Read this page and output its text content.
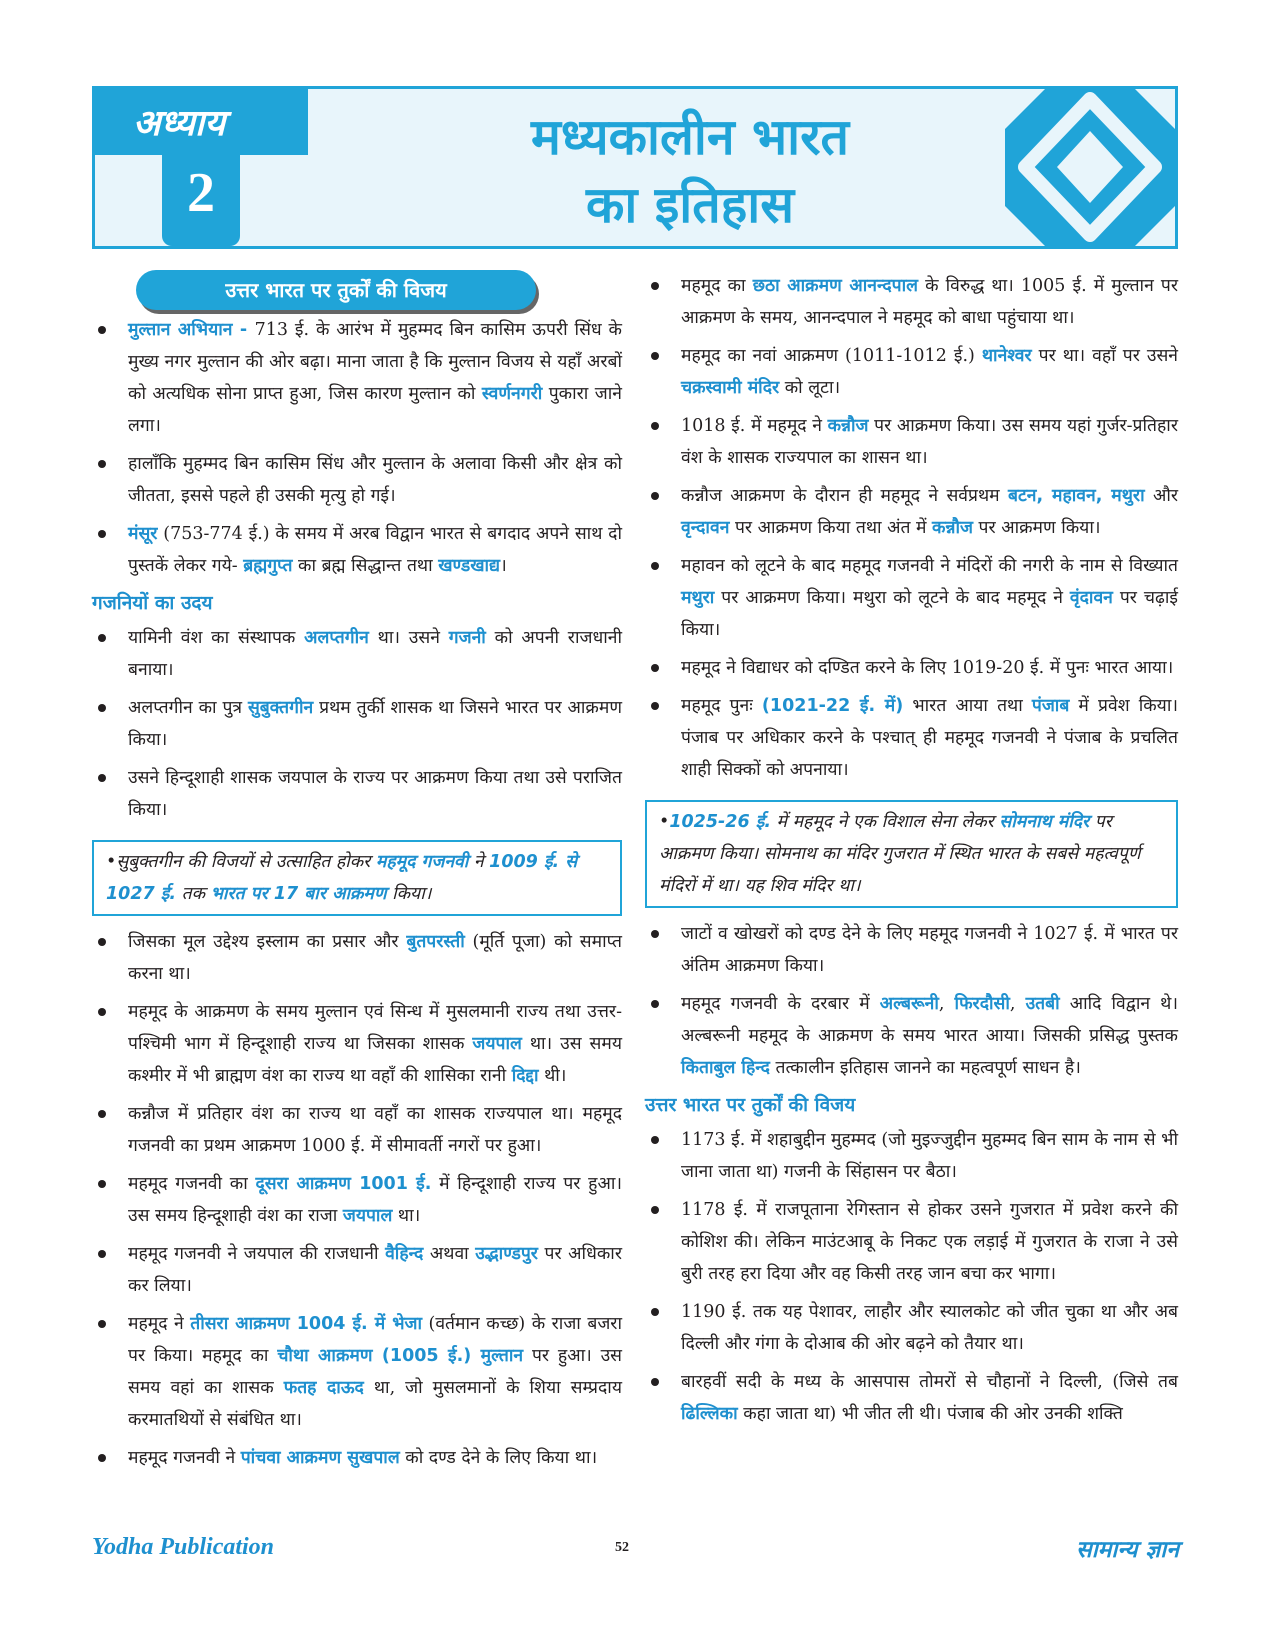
अध्याय
2
मध्यकालीन भारत
का इतिहास
उत्तर भारत पर तुर्कों की विजय
मुल्तान अभियान - 713 ई. के आरंभ में मुहम्मद बिन कासिम ऊपरी सिंध के मुख्य नगर मुल्तान की ओर बढ़ा। माना जाता है कि मुल्तान विजय से यहाँ अरबों को अत्यधिक सोना प्राप्त हुआ, जिस कारण मुल्तान को स्वर्णनगरी पुकारा जाने लगा।
हालाँकि मुहम्मद बिन कासिम सिंध और मुल्तान के अलावा किसी और क्षेत्र को जीतता, इससे पहले ही उसकी मृत्यु हो गई।
मंसूर (753-774 ई.) के समय में अरब विद्वान भारत से बगदाद अपने साथ दो पुस्तकें लेकर गये- ब्रह्मगुप्त का ब्रह्म सिद्धान्त तथा खण्डखाद्य।
गजनियों का उदय
यामिनी वंश का संस्थापक अलप्तगीन था। उसने गजनी को अपनी राजधानी बनाया।
अलप्तगीन का पुत्र सुबुक्तगीन प्रथम तुर्की शासक था जिसने भारत पर आक्रमण किया।
उसने हिन्दूशाही शासक जयपाल के राज्य पर आक्रमण किया तथा उसे पराजित किया।
•सुबुक्तगीन की विजयों से उत्साहित होकर महमूद गजनवी ने 1009 ई. से 1027 ई. तक भारत पर 17 बार आक्रमण किया।
जिसका मूल उद्देश्य इस्लाम का प्रसार और बुतपरस्ती (मूर्ति पूजा) को समाप्त करना था।
महमूद के आक्रमण के समय मुल्तान एवं सिन्ध में मुसलमानी राज्य तथा उत्तर-पश्चिमी भाग में हिन्दूशाही राज्य था जिसका शासक जयपाल था। उस समय कश्मीर में भी ब्राह्मण वंश का राज्य था वहाँ की शासिका रानी दिद्दा थी।
कन्नौज में प्रतिहार वंश का राज्य था वहाँ का शासक राज्यपाल था। महमूद गजनवी का प्रथम आक्रमण 1000 ई. में सीमावर्ती नगरों पर हुआ।
महमूद गजनवी का दूसरा आक्रमण 1001 ई. में हिन्दूशाही राज्य पर हुआ। उस समय हिन्दूशाही वंश का राजा जयपाल था।
महमूद गजनवी ने जयपाल की राजधानी वैहिन्द अथवा उद्भाण्डपुर पर अधिकार कर लिया।
महमूद ने तीसरा आक्रमण 1004 ई. में भेजा (वर्तमान कच्छ) के राजा बजरा पर किया। महमूद का चौथा आक्रमण (1005 ई.) मुल्तान पर हुआ। उस समय वहां का शासक फतह दाऊद था, जो मुसलमानों के शिया सम्प्रदाय करमातथियों से संबंधित था।
महमूद गजनवी ने पांचवा आक्रमण सुखपाल को दण्ड देने के लिए किया था।
महमूद का छठा आक्रमण आनन्दपाल के विरुद्ध था। 1005 ई. में मुल्तान पर आक्रमण के समय, आनन्दपाल ने महमूद को बाधा पहुंचाया था।
महमूद का नवां आक्रमण (1011-1012 ई.) थानेश्वर पर था। वहाँ पर उसने चक्रस्वामी मंदिर को लूटा।
1018 ई. में महमूद ने कन्नौज पर आक्रमण किया। उस समय यहां गुर्जर-प्रतिहार वंश के शासक राज्यपाल का शासन था।
कन्नौज आक्रमण के दौरान ही महमूद ने सर्वप्रथम बटन, महावन, मथुरा और वृन्दावन पर आक्रमण किया तथा अंत में कन्नौज पर आक्रमण किया।
महावन को लूटने के बाद महमूद गजनवी ने मंदिरों की नगरी के नाम से विख्यात मथुरा पर आक्रमण किया। मथुरा को लूटने के बाद महमूद ने वृंदावन पर चढ़ाई किया।
महमूद ने विद्याधर को दण्डित करने के लिए 1019-20 ई. में पुनः भारत आया।
महमूद पुनः (1021-22 ई. में) भारत आया तथा पंजाब में प्रवेश किया। पंजाब पर अधिकार करने के पश्चात् ही महमूद गजनवी ने पंजाब के प्रचलित शाही सिक्कों को अपनाया।
•1025-26 ई. में महमूद ने एक विशाल सेना लेकर सोमनाथ मंदिर पर आक्रमण किया। सोमनाथ का मंदिर गुजरात में स्थित भारत के सबसे महत्वपूर्ण मंदिरों में था। यह शिव मंदिर था।
जाटों व खोखरों को दण्ड देने के लिए महमूद गजनवी ने 1027 ई. में भारत पर अंतिम आक्रमण किया।
महमूद गजनवी के दरबार में अल्बरूनी, फिरदौसी, उतबी आदि विद्वान थे। अल्बरूनी महमूद के आक्रमण के समय भारत आया। जिसकी प्रसिद्ध पुस्तक किताबुल हिन्द तत्कालीन इतिहास जानने का महत्वपूर्ण साधन है।
उत्तर भारत पर तुर्कों की विजय
1173 ई. में शहाबुद्दीन मुहम्मद (जो मुइज्जुद्दीन मुहम्मद बिन साम के नाम से भी जाना जाता था) गजनी के सिंहासन पर बैठा।
1178 ई. में राजपूताना रेगिस्तान से होकर उसने गुजरात में प्रवेश करने की कोशिश की। लेकिन माउंटआबू के निकट एक लड़ाई में गुजरात के राजा ने उसे बुरी तरह हरा दिया और वह किसी तरह जान बचा कर भागा।
1190 ई. तक यह पेशावर, लाहौर और स्यालकोट को जीत चुका था और अब दिल्ली और गंगा के दोआब की ओर बढ़ने को तैयार था।
बारहवीं सदी के मध्य के आसपास तोमरों से चौहानों ने दिल्ली, (जिसे तब ढिल्लिका कहा जाता था) भी जीत ली थी। पंजाब की ओर उनकी शक्ति
Yodha Publication	52	सामान्य ज्ञान
